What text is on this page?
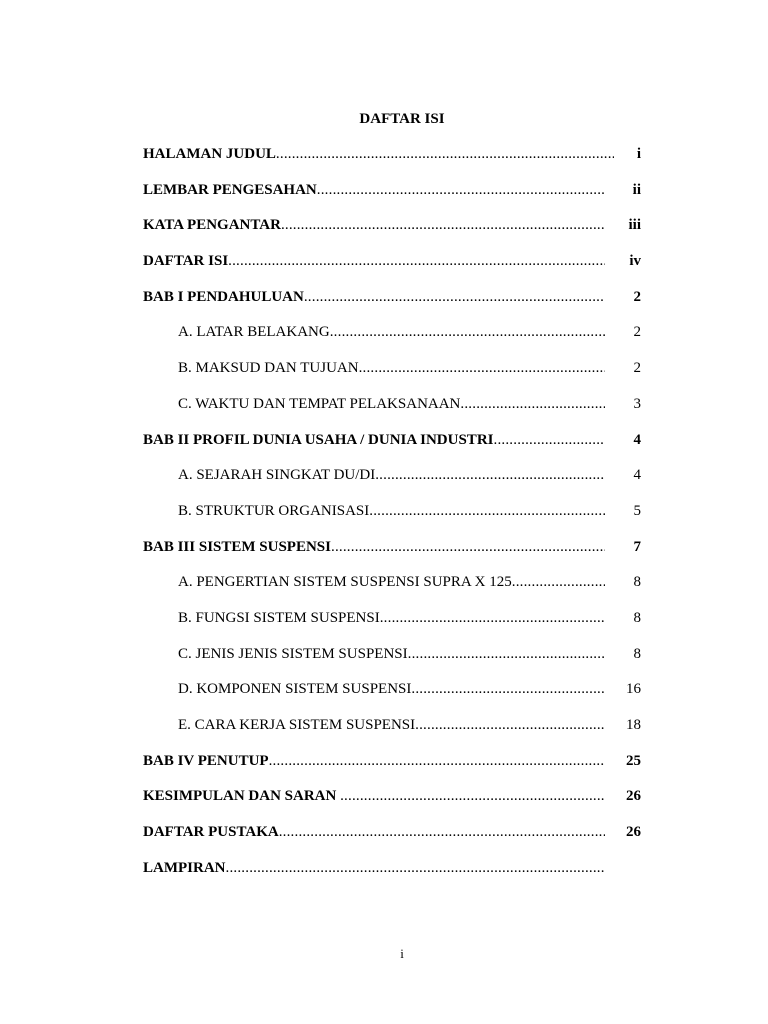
DAFTAR ISI
HALAMAN JUDUL .....	i
LEMBAR PENGESAHAN .....	ii
KATA PENGANTAR .....	iii
DAFTAR ISI .....	iv
BAB I PENDAHULUAN .....	2
A. LATAR BELAKANG .....	2
B. MAKSUD DAN TUJUAN .....	2
C. WAKTU DAN TEMPAT PELAKSANAAN .....	3
BAB II PROFIL DUNIA USAHA / DUNIA INDUSTRI .....	4
A. SEJARAH SINGKAT DU/DI .....	4
B. STRUKTUR ORGANISASI .....	5
BAB III SISTEM SUSPENSI .....	7
A. PENGERTIAN SISTEM SUSPENSI SUPRA X 125 .....	8
B. FUNGSI SISTEM SUSPENSI .....	8
C. JENIS JENIS SISTEM SUSPENSI .....	8
D. KOMPONEN SISTEM SUSPENSI .....	16
E. CARA KERJA SISTEM SUSPENSI .....	18
BAB IV PENUTUP .....	25
KESIMPULAN DAN SARAN .....	26
DAFTAR PUSTAKA .....	26
LAMPIRAN .....
i
